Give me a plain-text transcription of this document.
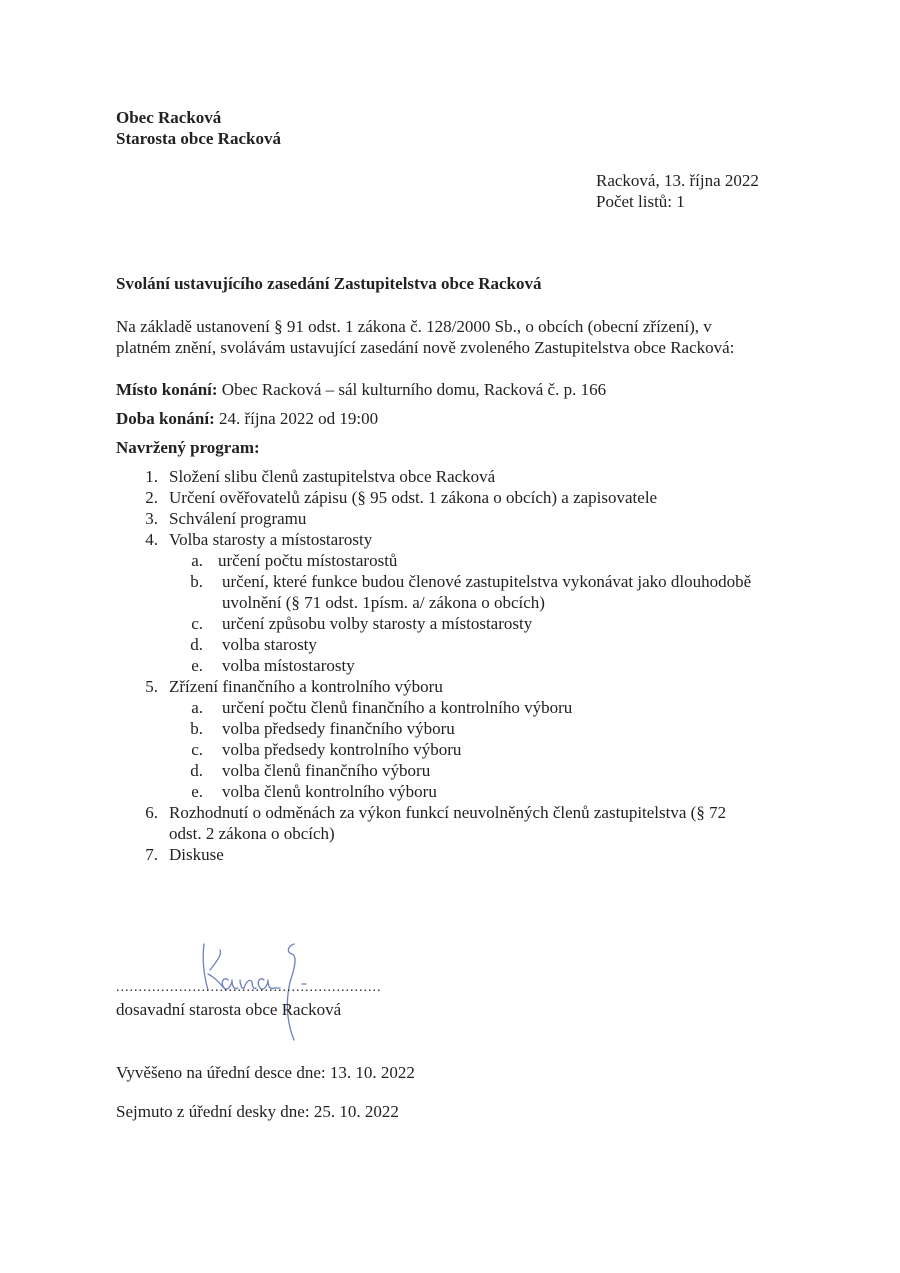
Obec Racková
Starosta obce Racková
Racková, 13. října 2022
Počet listů: 1
Svolání ustavujícího zasedání Zastupitelstva obce Racková
Na základě ustanovení § 91 odst. 1 zákona č. 128/2000 Sb., o obcích (obecní zřízení), v
platném znění, svolávám ustavující zasedání nově zvoleného Zastupitelstva obce Racková:
Místo konání: Obec Racková – sál kulturního domu, Racková č. p. 166
Doba konání: 24. října 2022 od 19:00
Navržený program:
1. Složení slibu členů zastupitelstva obce Racková
2. Určení ověřovatelů zápisu (§ 95 odst. 1 zákona o obcích) a zapisovatele
3. Schválení programu
4. Volba starosty a místostarosty
a. určení počtu místostarostů
b. určení, které funkce budou členové zastupitelstva vykonávat jako dlouhodobě
uvolnění (§ 71 odst. 1písm. a/ zákona o obcích)
c. určení způsobu volby starosty a místostarosty
d. volba starosty
e. volba místostarosty
5. Zřízení finančního a kontrolního výboru
a. určení počtu členů finančního a kontrolního výboru
b. volba předsedy finančního výboru
c. volba předsedy kontrolního výboru
d. volba členů finančního výboru
e. volba členů kontrolního výboru
6. Rozhodnutí o odměnách za výkon funkcí neuvolněných členů zastupitelstva (§ 72
odst. 2 zákona o obcích)
7. Diskuse
...........................................................
dosavadní starosta obce Racková
Vyvěšeno na úřední desce dne: 13. 10. 2022
Sejmuto z úřední desky dne: 25. 10. 2022
